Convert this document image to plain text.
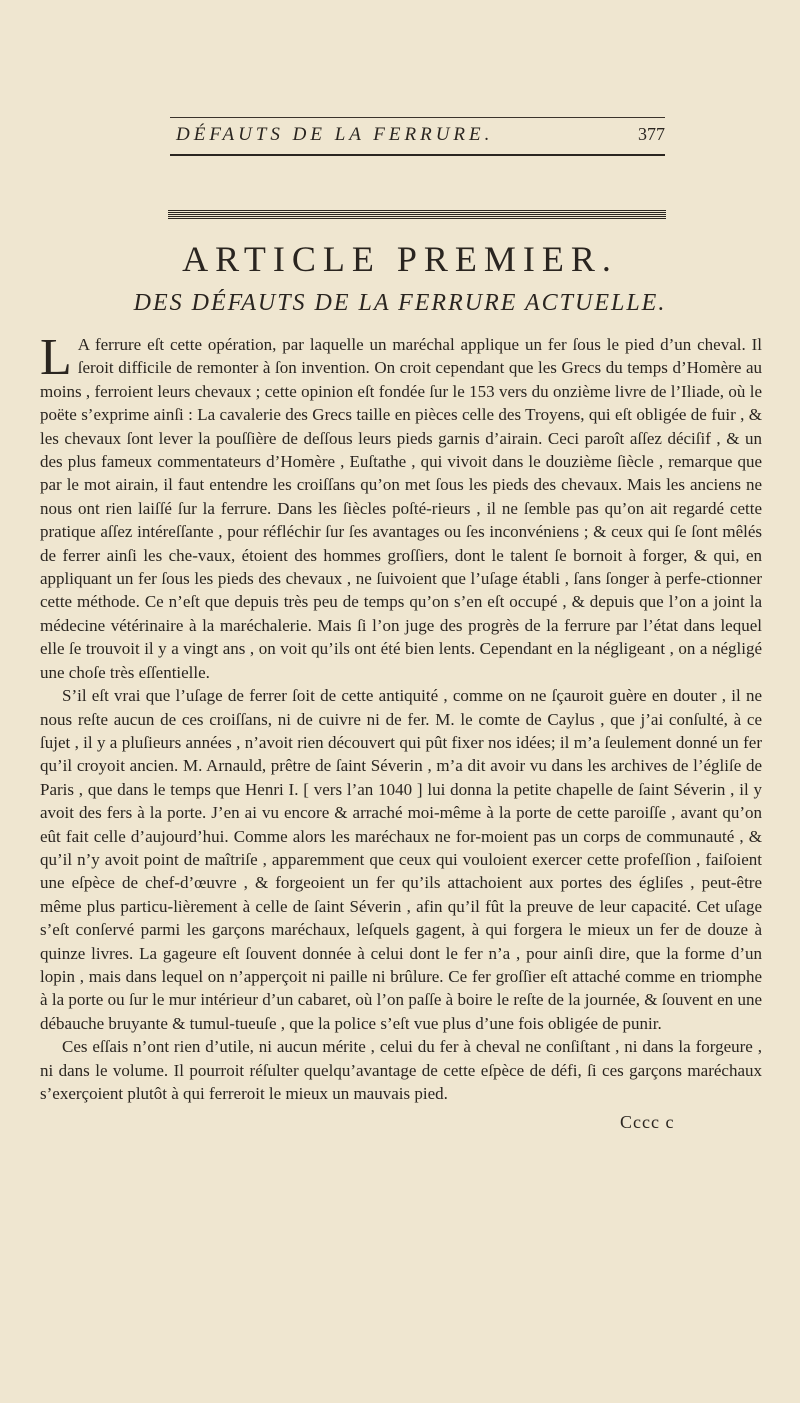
DÉFAUTS DE LA FERRURE.	377
ARTICLE PREMIER.
DES DÉFAUTS DE LA FERRURE ACTUELLE.

L A ferrure eſt cette opération, par laquelle un maréchal applique un fer ſous le pied d’un cheval. Il ſeroit difficile de remonter à ſon invention. On croit cependant que les Grecs du temps d’Homère au moins , ferroient leurs chevaux ; cette opinion eſt fondée ſur le 153 vers du onzième livre de l’Iliade, où le poëte s’exprime ainſi : La cavalerie des Grecs taille en pièces celle des Troyens, qui eſt obligée de fuir , & les chevaux ſont lever la pouſſière de deſſous leurs pieds garnis d’airain. Ceci paroît aſſez déciſif , & un des plus fameux commentateurs d’Homère , Euſtathe , qui vivoit dans le douzième ſiècle , remarque que par le mot airain, il faut entendre les croiſſans qu’on met ſous les pieds des chevaux. Mais les anciens ne nous ont rien laiſſé ſur la ferrure. Dans les ſiècles poſté-rieurs , il ne ſemble pas qu’on ait regardé cette pratique aſſez intéreſſante , pour réfléchir ſur ſes avantages ou ſes inconvéniens ; & ceux qui ſe ſont mêlés de ferrer ainſi les che-vaux, étoient des hommes groſſiers, dont le talent ſe bornoit à forger, & qui, en appliquant un fer ſous les pieds des chevaux , ne ſuivoient que l’uſage établi , ſans ſonger à perfe-ctionner cette méthode. Ce n’eſt que depuis très peu de temps qu’on s’en eſt occupé , & depuis que l’on a joint la médecine vétérinaire à la maréchalerie. Mais ſi l’on juge des progrès de la ferrure par l’état dans lequel elle ſe trouvoit il y a vingt ans , on voit qu’ils ont été bien lents. Cependant en la négligeant , on a négligé une choſe très eſſentielle.

S’il eſt vrai que l’uſage de ferrer ſoit de cette antiquité , comme on ne ſçauroit guère en douter , il ne nous reſte aucun de ces croiſſans, ni de cuivre ni de fer. M. le comte de Caylus , que j’ai conſulté, à ce ſujet , il y a pluſieurs années , n’avoit rien découvert qui pût fixer nos idées; il m’a ſeulement donné un fer qu’il croyoit ancien. M. Arnauld, prêtre de ſaint Séverin , m’a dit avoir vu dans les archives de l’égliſe de Paris , que dans le temps que Henri I. [ vers l’an 1040 ] lui donna la petite chapelle de ſaint Séverin , il y avoit des fers à la porte. J’en ai vu encore & arraché moi-même à la porte de cette paroiſſe , avant qu’on eût fait celle d’aujourd’hui. Comme alors les maréchaux ne for-moient pas un corps de communauté , & qu’il n’y avoit point de maîtriſe , apparemment que ceux qui vouloient exercer cette profeſſion , faiſoient une eſpèce de chef-d’œuvre , & forgeoient un fer qu’ils attachoient aux portes des égliſes , peut-être même plus particu-lièrement à celle de ſaint Séverin , afin qu’il fût la preuve de leur capacité. Cet uſage s’eſt conſervé parmi les garçons maréchaux, leſquels gagent, à qui forgera le mieux un fer de douze à quinze livres. La gageure eſt ſouvent donnée à celui dont le fer n’a , pour ainſi dire, que la forme d’un lopin , mais dans lequel on n’apperçoit ni paille ni brûlure. Ce fer groſſier eſt attaché comme en triomphe à la porte ou ſur le mur intérieur d’un cabaret, où l’on paſſe à boire le reſte de la journée, & ſouvent en une débauche bruyante & tumul-tueuſe , que la police s’eſt vue plus d’une fois obligée de punir.

Ces eſſais n’ont rien d’utile, ni aucun mérite , celui du fer à cheval ne conſiſtant , ni dans la forgeure , ni dans le volume. Il pourroit réſulter quelqu’avantage de cette eſpèce de défi, ſi ces garçons maréchaux s’exerçoient plutôt à qui ferreroit le mieux un mauvais pied.

Cccc c
